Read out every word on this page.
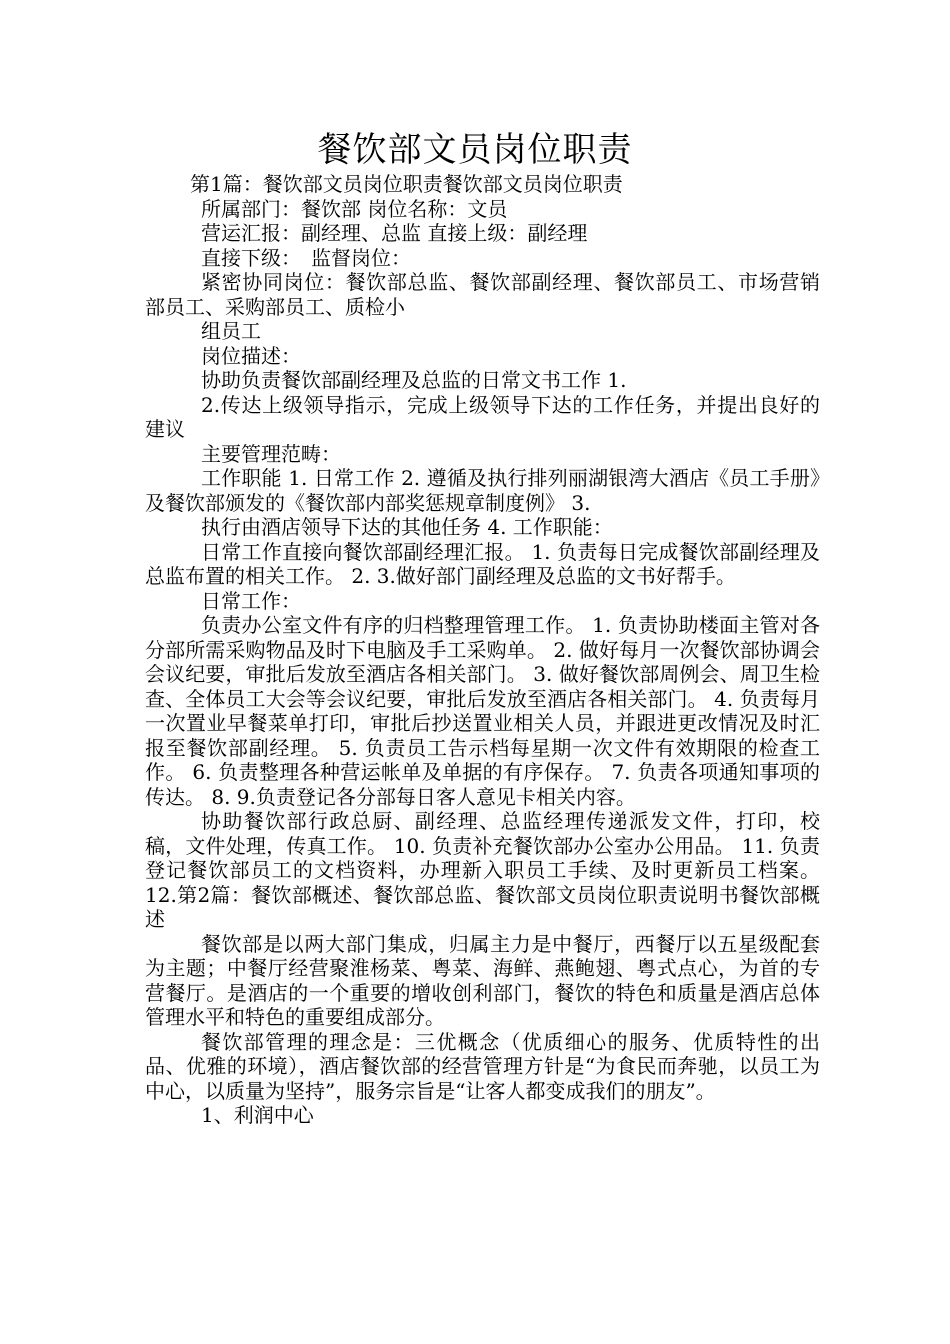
餐饮部文员岗位职责

第1篇：餐饮部文员岗位职责餐饮部文员岗位职责

所属部门：餐饮部 岗位名称：文员

营运汇报：副经理、总监 直接上级：副经理

直接下级：　监督岗位：

紧密协同岗位：餐饮部总监、餐饮部副经理、餐饮部员工、市场营销部员工、采购部员工、质检小

组员工

岗位描述：

协助负责餐饮部副经理及总监的日常文书工作 1.

2.传达上级领导指示，完成上级领导下达的工作任务，并提出良好的建议

主要管理范畴：

工作职能 1. 日常工作 2. 遵循及执行排列丽湖银湾大酒店《员工手册》及餐饮部颁发的《餐饮部内部奖惩规章制度例》 3.

执行由酒店领导下达的其他任务 4. 工作职能：

日常工作直接向餐饮部副经理汇报。 1. 负责每日完成餐饮部副经理及总监布置的相关工作。 2. 3.做好部门副经理及总监的文书好帮手。

日常工作：

负责办公室文件有序的归档整理管理工作。 1. 负责协助楼面主管对各分部所需采购物品及时下电脑及手工采购单。 2. 做好每月一次餐饮部协调会会议纪要，审批后发放至酒店各相关部门。 3. 做好餐饮部周例会、周卫生检查、全体员工大会等会议纪要，审批后发放至酒店各相关部门。 4. 负责每月一次置业早餐菜单打印，审批后抄送置业相关人员，并跟进更改情况及时汇报至餐饮部副经理。 5. 负责员工告示档每星期一次文件有效期限的检查工作。 6. 负责整理各种营运帐单及单据的有序保存。 7. 负责各项通知事项的传达。 8. 9.负责登记各分部每日客人意见卡相关内容。

协助餐饮部行政总厨、副经理、总监经理传递派发文件，打印，校稿，文件处理，传真工作。 10. 负责补充餐饮部办公室办公用品。 11. 负责登记餐饮部员工的文档资料，办理新入职员工手续、及时更新员工档案。 12.第2篇：餐饮部概述、餐饮部总监、餐饮部文员岗位职责说明书餐饮部概述

餐饮部是以两大部门集成，归属主力是中餐厅，西餐厅以五星级配套为主题；中餐厅经营聚淮杨菜、粤菜、海鲜、燕鲍翅、粤式点心，为首的专营餐厅。是酒店的一个重要的增收创利部门，餐饮的特色和质量是酒店总体管理水平和特色的重要组成部分。

餐饮部管理的理念是：三优概念（优质细心的服务、优质特性的出品、优雅的环境），酒店餐饮部的经营管理方针是“为食民而奔驰，以员工为中心，以质量为坚持”，服务宗旨是“让客人都变成我们的朋友”。

1、利润中心
